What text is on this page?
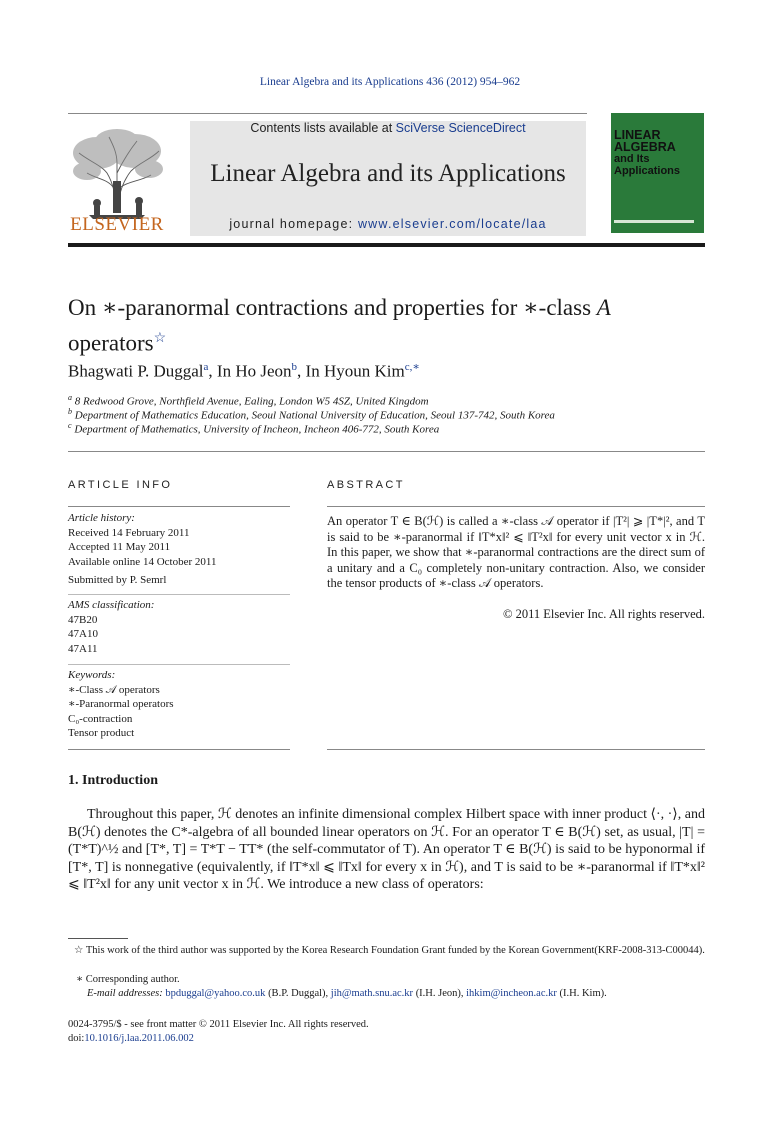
Linear Algebra and its Applications 436 (2012) 954–962
ELSEVIER
Contents lists available at SciVerse ScienceDirect
Linear Algebra and its Applications
journal homepage: www.elsevier.com/locate/laa
LINEAR
ALGEBRA
and Its
Applications
On ∗-paranormal contractions and properties for ∗-class A
operators☆
Bhagwati P. Duggal$^a$, In Ho Jeon$^b$, In Hyoun Kim$^{c,∗}$
$^a$ 8 Redwood Grove, Northfield Avenue, Ealing, London W5 4SZ, United Kingdom
$^b$ Department of Mathematics Education, Seoul National University of Education, Seoul 137-742, South Korea
$^c$ Department of Mathematics, University of Incheon, Incheon 406-772, South Korea
ARTICLE INFO
Article history:
Received 14 February 2011
Accepted 11 May 2011
Available online 14 October 2011
Submitted by P. Semrl
AMS classification:
47B20
47A10
47A11
Keywords:
∗-Class 𝒜 operators
∗-Paranormal operators
C₀-contraction
Tensor product
ABSTRACT
An operator T ∈ B(ℋ) is called a ∗-class 𝒜 operator if |T²| ⩾ |T*|², and T is said to be ∗-paranormal if ‖T*x‖² ⩽ ‖T²x‖ for every unit vector x in ℋ. In this paper, we show that ∗-paranormal contractions are the direct sum of a unitary and a C₀ completely non-unitary contraction. Also, we consider the tensor products of ∗-class 𝒜 operators.
© 2011 Elsevier Inc. All rights reserved.
1. Introduction
Throughout this paper, ℋ denotes an infinite dimensional complex Hilbert space with inner product ⟨·, ·⟩, and B(ℋ) denotes the C*-algebra of all bounded linear operators on ℋ. For an operator T ∈ B(ℋ) set, as usual, |T| = (T*T)^½ and [T*, T] = T*T − TT* (the self-commutator of T). An operator T ∈ B(ℋ) is said to be hyponormal if [T*, T] is nonnegative (equivalently, if ‖T*x‖ ⩽ ‖Tx‖ for every x in ℋ), and T is said to be ∗-paranormal if ‖T*x‖² ⩽ ‖T²x‖ for any unit vector x in ℋ. We introduce a new class of operators:
☆ This work of the third author was supported by the Korea Research Foundation Grant funded by the Korean Government(KRF-2008-313-C00044).
∗ Corresponding author.
E-mail addresses: bpduggal@yahoo.co.uk (B.P. Duggal), jih@math.snu.ac.kr (I.H. Jeon), ihkim@incheon.ac.kr (I.H. Kim).
0024-3795/$ - see front matter © 2011 Elsevier Inc. All rights reserved.
doi:10.1016/j.laa.2011.06.002
